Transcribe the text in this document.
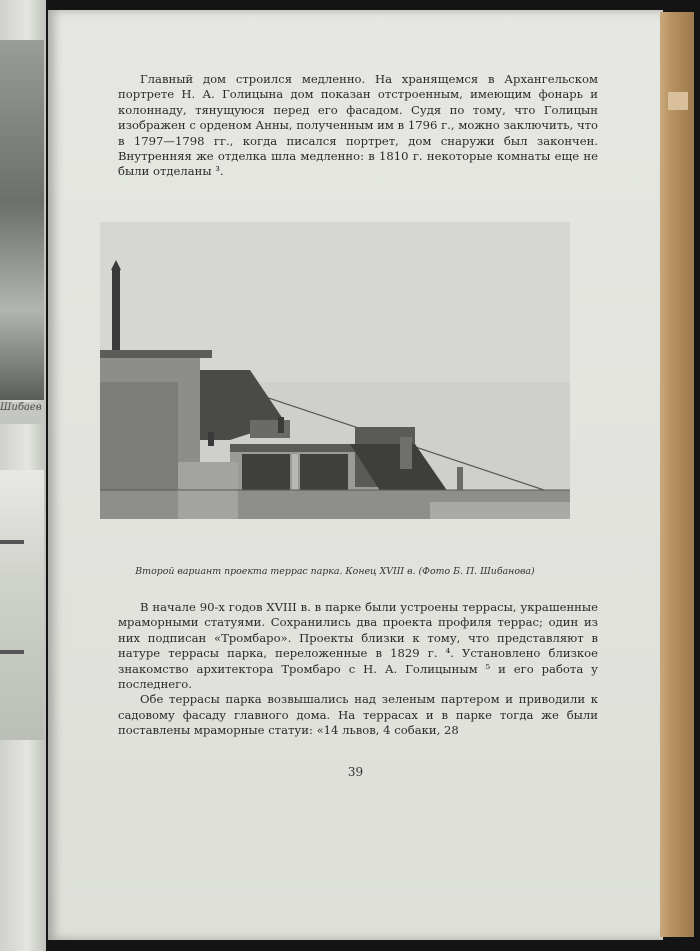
Шибаев

Главный дом строился медленно. На хранящемся в Архангельском портрете Н. А. Голицына дом показан отстроенным, имеющим фонарь и колоннаду, тянущуюся перед его фасадом. Судя по тому, что Голицын изображен с орденом Анны, полученным им в 1796 г., можно заключить, что в 1797—1798 гг., когда писался портрет, дом снаружи был закончен. Внутренняя же отделка шла медленно: в 1810 г. некоторые комнаты еще не были отделаны ³.

Второй вариант проекта террас парка. Конец XVIII в. (Фото Б. П. Шибанова)

В начале 90-х годов XVIII в. в парке были устроены террасы, украшенные мраморными статуями. Сохранились два проекта профиля террас; один из них подписан «Тромбаро». Проекты близки к тому, что представляют в натуре террасы парка, переложенные в 1829 г. ⁴. Установлено близкое знакомство архитектора Тромбаро с Н. А. Голицыным ⁵ и его работа у последнего.

Обе террасы парка возвышались над зеленым партером и приводили к садовому фасаду главного дома. На террасах и в парке тогда же были поставлены мраморные статуи: «14 львов, 4 собаки, 28

39
